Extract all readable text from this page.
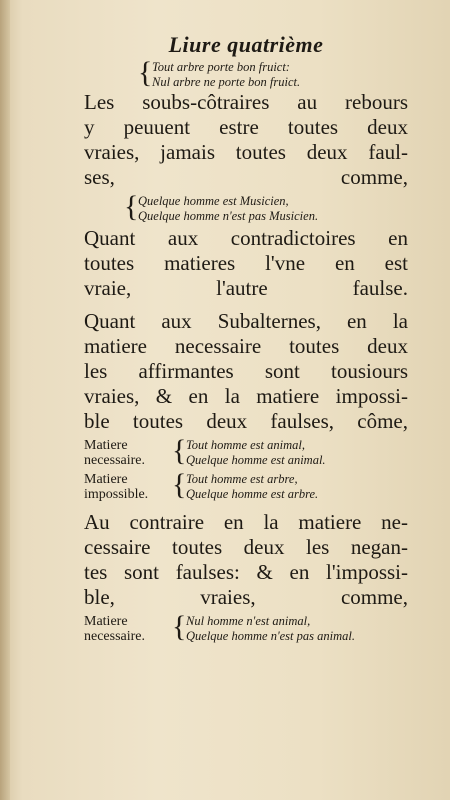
Liure quatrième
{ Tout arbre porte bon fruict:
Nul arbre ne porte bon fruict.
Les soubs-côtraires au rebours
y peuuent estre toutes deux
vraies, jamais toutes deux faul-
ses, comme,
{ Quelque homme est Musicien,
Quelque homme n'est pas Musicien.
Quant aux contradictoires en
toutes matieres l'vne en est
vraie, l'autre faulse.
Quant aux Subalternes, en la
matiere necessaire toutes deux
les affirmantes sont tousiours
vraies, & en la matiere impossi-
ble toutes deux faulses, côme,
Matiere
necessaire. { Tout homme est animal,
Quelque homme est animal.
Matiere
impossible. { Tout homme est arbre,
Quelque homme est arbre.
Au contraire en la matiere ne-
cessaire toutes deux les negan-
tes sont faulses: & en l'impossi-
ble, vraies, comme,
Matiere
necessaire. { Nul homme n'est animal,
Quelque homme n'est pas animal.
